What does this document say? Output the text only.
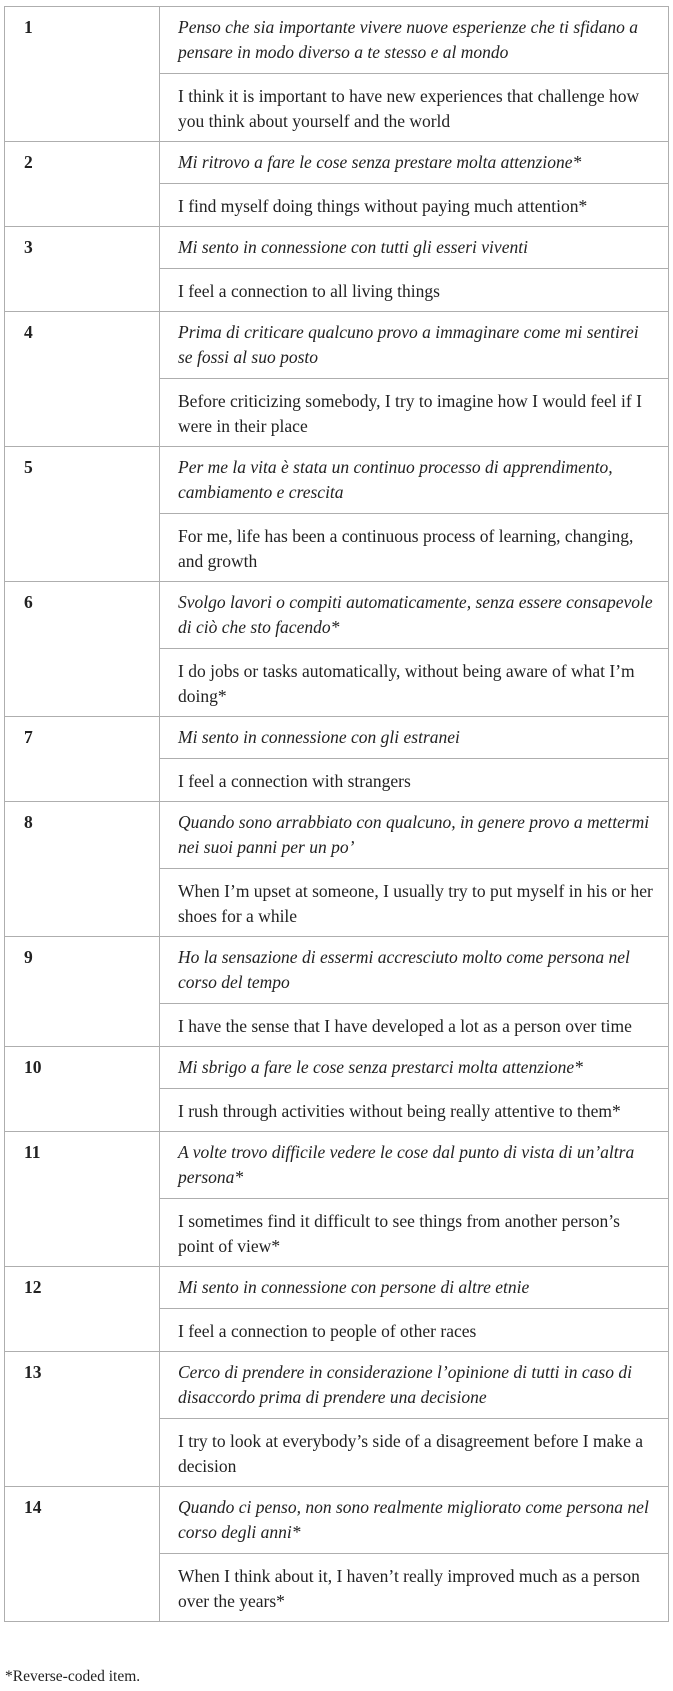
1	Penso che sia importante vivere nuove esperienze che ti sfidano a pensare in modo diverso a te stesso e al mondo
	I think it is important to have new experiences that challenge how you think about yourself and the world
2	Mi ritrovo a fare le cose senza prestare molta attenzione*
	I find myself doing things without paying much attention*
3	Mi sento in connessione con tutti gli esseri viventi
	I feel a connection to all living things
4	Prima di criticare qualcuno provo a immaginare come mi sentirei se fossi al suo posto
	Before criticizing somebody, I try to imagine how I would feel if I were in their place
5	Per me la vita è stata un continuo processo di apprendimento, cambiamento e crescita
	For me, life has been a continuous process of learning, changing, and growth
6	Svolgo lavori o compiti automaticamente, senza essere consapevole di ciò che sto facendo*
	I do jobs or tasks automatically, without being aware of what I’m doing*
7	Mi sento in connessione con gli estranei
	I feel a connection with strangers
8	Quando sono arrabbiato con qualcuno, in genere provo a mettermi nei suoi panni per un po’
	When I’m upset at someone, I usually try to put myself in his or her shoes for a while
9	Ho la sensazione di essermi accresciuto molto come persona nel corso del tempo
	I have the sense that I have developed a lot as a person over time
10	Mi sbrigo a fare le cose senza prestarci molta attenzione*
	I rush through activities without being really attentive to them*
11	A volte trovo difficile vedere le cose dal punto di vista di un’altra persona*
	I sometimes find it difficult to see things from another person’s point of view*
12	Mi sento in connessione con persone di altre etnie
	I feel a connection to people of other races
13	Cerco di prendere in considerazione l’opinione di tutti in caso di disaccordo prima di prendere una decisione
	I try to look at everybody’s side of a disagreement before I make a decision
14	Quando ci penso, non sono realmente migliorato come persona nel corso degli anni*
	When I think about it, I haven’t really improved much as a person over the years*
*Reverse-coded item.
